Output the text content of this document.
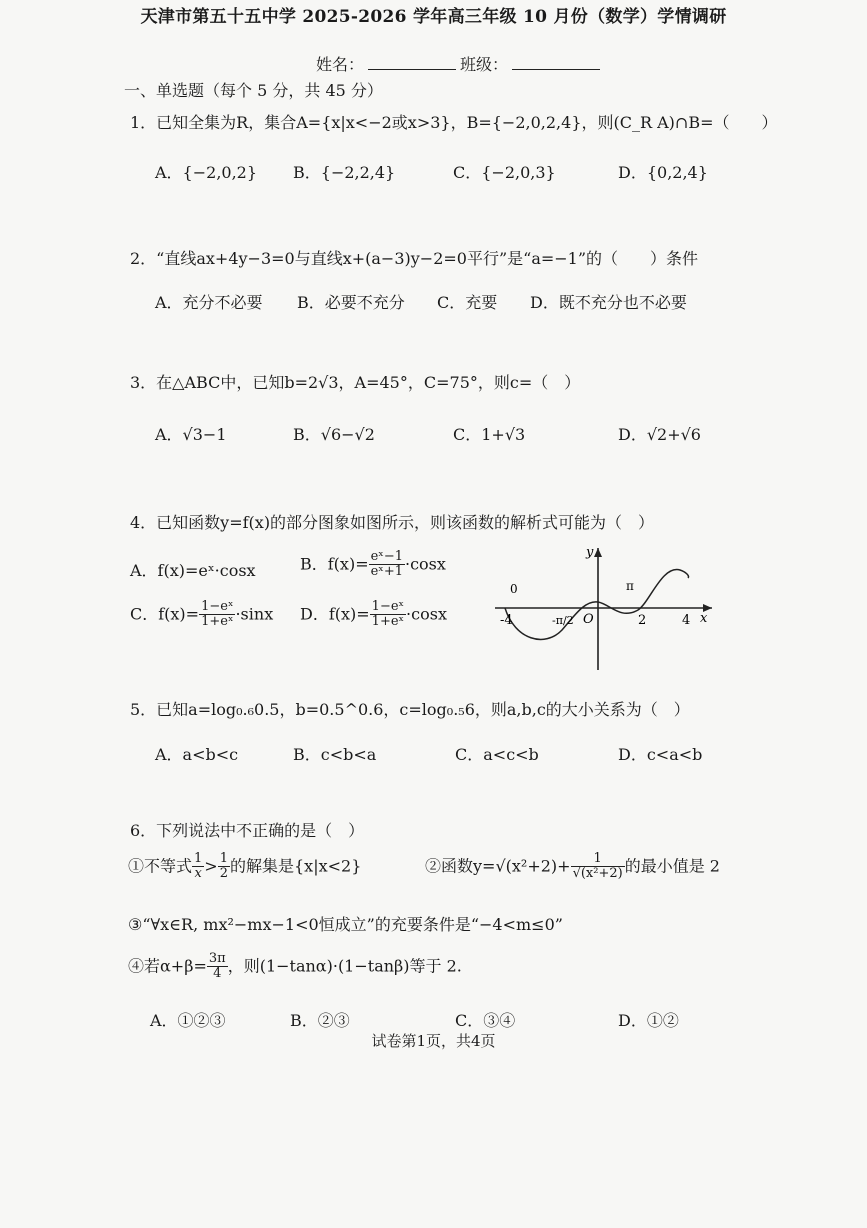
天津市第五十五中学 2025-2026 学年高三年级 10 月份（数学）学情调研
姓名：	班级：
一、单选题（每个 5 分，共 45 分）
1．已知全集为R，集合A={x|x<−2或x>3}，B={−2,0,2,4}，则(C_R A)∩B=（　　）
A．{−2,0,2} B．{−2,2,4}	C．{−2,0,3}	D．{0,2,4}
2．“直线ax+4y−3=0与直线x+(a−3)y−2=0平行”是“a=−1”的（　　）条件
A．充分不必要 B．必要不充分 C．充要 D．既不充分也不必要
3．在△ABC中，已知b=2√3，A=45°，C=75°，则c=（　）
A．√3−1	B．√6−√2	C．1+√3	D．√2+√6
4．已知函数y=f(x)的部分图象如图所示，则该函数的解析式可能为（　）
A．f(x)=eˣ·cosx	B．$f(x)= \frac{\text{eˣ−1}}{\text{eˣ+1}} \cdot\cos x$
C．$f(x)= \frac{\text{1−eˣ}}{\text{1+eˣ}} \cdot\sin x$ D．$f(x)= \frac{\text{1−eˣ}}{\text{1+eˣ}} \cdot\cos x$
0	π
y
x
O
-4	-π/2	2	4
5．已知a=log₀.₆0.5，b=0.5^0.6，c=log₀.₅6，则a,b,c的大小关系为（　）
A．a<b<c	B．c<b<a	C．a<c<b	D．c<a<b
6．下列说法中不正确的是（　）
①不等式 $\frac{1}{x} > \frac{1}{2}$ 的解集是{x|x<2}	②函数$y=√(x^2+2)+ \frac{1}{\text{√(x²+2)}}$ 的最小值是 2
③“∀x∈R, mx²−mx−1<0恒成立”的充要条件是“−4<m≤0”
④若$\alpha+\beta= \frac{3\pi}{4}$ ，则(1−tanα)·(1−tanβ)等于 2.
A．①②③	B．②③	C．③④	D．①②
试卷第1页，共4页
